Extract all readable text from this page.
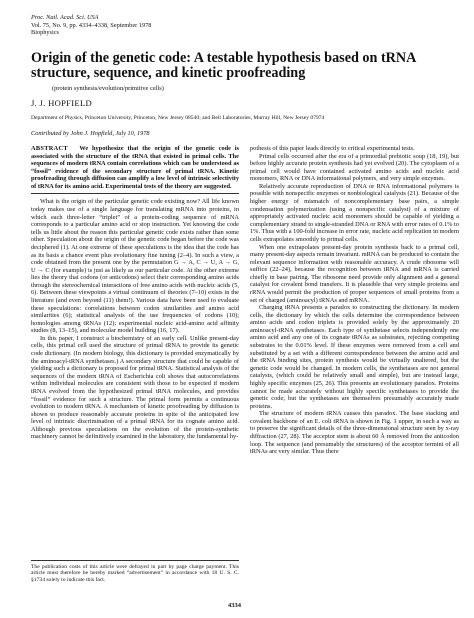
Proc. Natl. Acad. Sci. USA
Vol. 75, No. 9, pp. 4334–4338, September 1978
Biophysics
Origin of the genetic code: A testable hypothesis based on tRNA structure, sequence, and kinetic proofreading
(protein synthesis/evolution/primitive cells)
J. J. HOPFIELD
Department of Physics, Princeton University, Princeton, New Jersey 08540; and Bell Laboratories, Murray Hill, New Jersey 07974
Contributed by John J. Hopfield, July 10, 1978

ABSTRACT We hypothesize that the origin of the genetic code is associated with the structure of the tRNA that existed in primal cells. The sequences of modern tRNA contain correlations which can be understood as “fossil” evidence of the secondary structure of primal tRNA. Kinetic proofreading through diffusion can amplify a low level of intrinsic selectivity of tRNA for its amino acid. Experimental tests of the theory are suggested.

What is the origin of the particular genetic code existing now? All life known today makes use of a single language for translating mRNA into proteins, in which each three-letter “triplet” of a protein-coding sequence of mRNA corresponds to a particular amino acid or stop instruction. Yet knowing the code tells us little about the reason this particular genetic code exists rather than some other. Speculation about the origin of the genetic code began before the code was deciphered (1). At one extreme of these speculations is the idea that the code has as its basis a chance event plus evolutionary fine tuning (2–4). In such a view, a code obtained from the present one by the permutation G → A, C → U, A → G, U → C (for example) is just as likely as our particular code. At the other extreme lies the theory that codons (or anticodons) select their corresponding amino acids through the stereochemical interactions of free amino acids with nucleic acids (5, 6). Between these viewpoints a virtual continuum of theories (7–10) exists in the literature (and even beyond (11) them!). Various data have been used to evaluate these speculations: correlations between codon similarities and amino acid similarities (6); statistical analysis of the use frequencies of codons (10); homologies among tRNAs (12); experimental nucleic acid-amino acid affinity studies (8, 13–15), and molecular model building (16, 17).

In this paper, I construct a biochemistry of an early cell. Unlike present-day cells, this primal cell used the structure of primal tRNA to provide its genetic code dictionary. (In modern biology, this dictionary is provided enzymatically by the aminoacyl-tRNA synthetases.) A secondary structure that could be capable of yielding such a dictionary is proposed for primal tRNA. Statistical analysis of the sequences of the modern tRNA of Escherichia coli shows that autocorrelations within individual molecules are consistent with those to be expected if modern tRNA evolved from the hypothesized primal tRNA molecules, and provides “fossil” evidence for such a structure. The primal form permits a continuous evolution to modern tRNA. A mechanism of kinetic proofreading by diffusion is shown to produce reasonably accurate proteins in spite of the anticipated low level of intrinsic discrimination of a primal tRNA for its cognate amino acid. Although previous speculations on the evolution of the protein-synthetic machinery cannot be definitively examined in the laboratory, the fundamental hy-

The publication costs of this article were defrayed in part by page charge payment. This article must therefore be hereby marked “advertisement” in accordance with 18 U. S. C. §1734 solely to indicate this fact.

pothesis of this paper leads directly to critical experimental tests.

Primal cells occurred after the era of a primordial prebiotic soup (18, 19), but before highly accurate protein synthesis had yet evolved (20). The cytoplasm of a primal cell would have contained activated amino acids and nucleic acid monomers, RNA or DNA informational polymers, and very simple enzymes.

Relatively accurate reproduction of DNA or RNA informational polymers is possible with nonspecific enzymes or nonbiological catalysts (21). Because of the higher energy of mismatch of noncomplementary base pairs, a simple condensation polymerization (using a nonspecific catalyst) of a mixture of appropriately activated nucleic acid monomers should be capable of yielding a complementary strand to single-stranded DNA or RNA with error rates of 0.1% to 1%. Thus with a 100-fold increase in error rate, nucleic acid replication in modern cells extrapolates smoothly to primal cells.

When one extrapolates present-day protein synthesis back to a primal cell, many present-day aspects remain invariant. mRNA can be produced to contain the relevant sequence information with reasonable accuracy. A crude ribosome will suffice (22–24), because the recognition between tRNA and mRNA is carried chiefly in base pairing. The ribosome need provide only alignment and a general catalyst for covalent bond transfers. It is plausible that very simple proteins and rRNA would permit the production of proper sequences of small proteins from a set of charged (aminoacyl) tRNAs and mRNA.

Charging tRNA presents a paradox to constructing the dictionary. In modern cells, the dictionary by which the cells determine the correspondence between amino acids and codon triplets is provided solely by the approximately 20 aminoacyl-tRNA synthetases. Each type of synthetase selects independently one amino acid and any one of its cognate tRNAs as substrates, rejecting competing substrates to the 0.01% level. If these enzymes were removed from a cell and substituted by a set with a different correspondence between the amino acid and the tRNA binding sites, protein synthesis would be virtually unaltered, but the genetic code would be changed. In modern cells, the synthetases are not general catalysts, (which could be relatively small and simple), but are instead large, highly specific enzymes (25, 26). This presents an evolutionary paradox. Proteins cannot be made accurately without highly specific synthetases to provide the genetic code; but the synthetases are themselves presumably accurately made proteins.

The structure of modern tRNA causes this paradox. The base stacking and covalent backbone of an E. coli tRNA is shown in Fig. 1 upper, in such a way as to preserve the significant details of the three-dimensional structure seen by x-ray diffraction (27, 28). The acceptor stem is about 60 Å removed from the anticodon loop. The sequence (and presumably the structures) of the acceptor termini of all tRNAs are very similar. Thus there

4334
